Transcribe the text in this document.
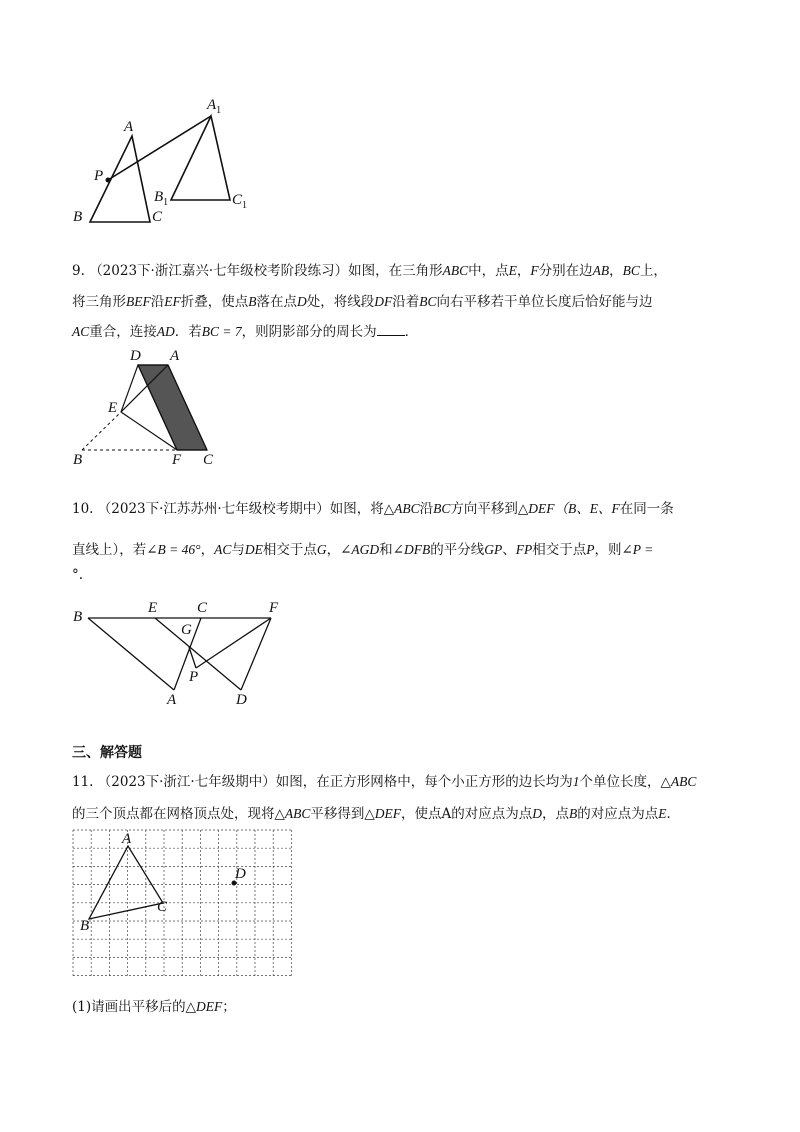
A
$A_1$
P
B	C
$B_1$	$C_1$
9. （2023下·浙江嘉兴·七年级校考阶段练习）如图，在三角形ABC中，点E，F分别在边AB，BC上，
将三角形BEF沿EF折叠，使点B落在点D处，将线段DF沿着BC向右平移若干单位长度后恰好能与边
AC重合，连接AD．若BC = 7，则阴影部分的周长为 ．
D A
E
B	F C
10. （2023下·江苏苏州·七年级校考期中）如图，将△ABC沿BC方向平移到△DEF（B、E、F在同一条
直线上），若∠B = 46°，AC与DE相交于点G，∠AGD和∠DFB的平分线GP、FP相交于点P，则∠P =
°.
B
E	C	F
G
P
A	D
三、解答题
11. （2023下·浙江·七年级期中）如图，在正方形网格中，每个小正方形的边长均为1个单位长度，△ABC
的三个顶点都在网格顶点处，现将△ABC平移得到△DEF，使点A的对应点为点D，点B的对应点为点E．
A
B
C
D
(1)请画出平移后的△DEF；
